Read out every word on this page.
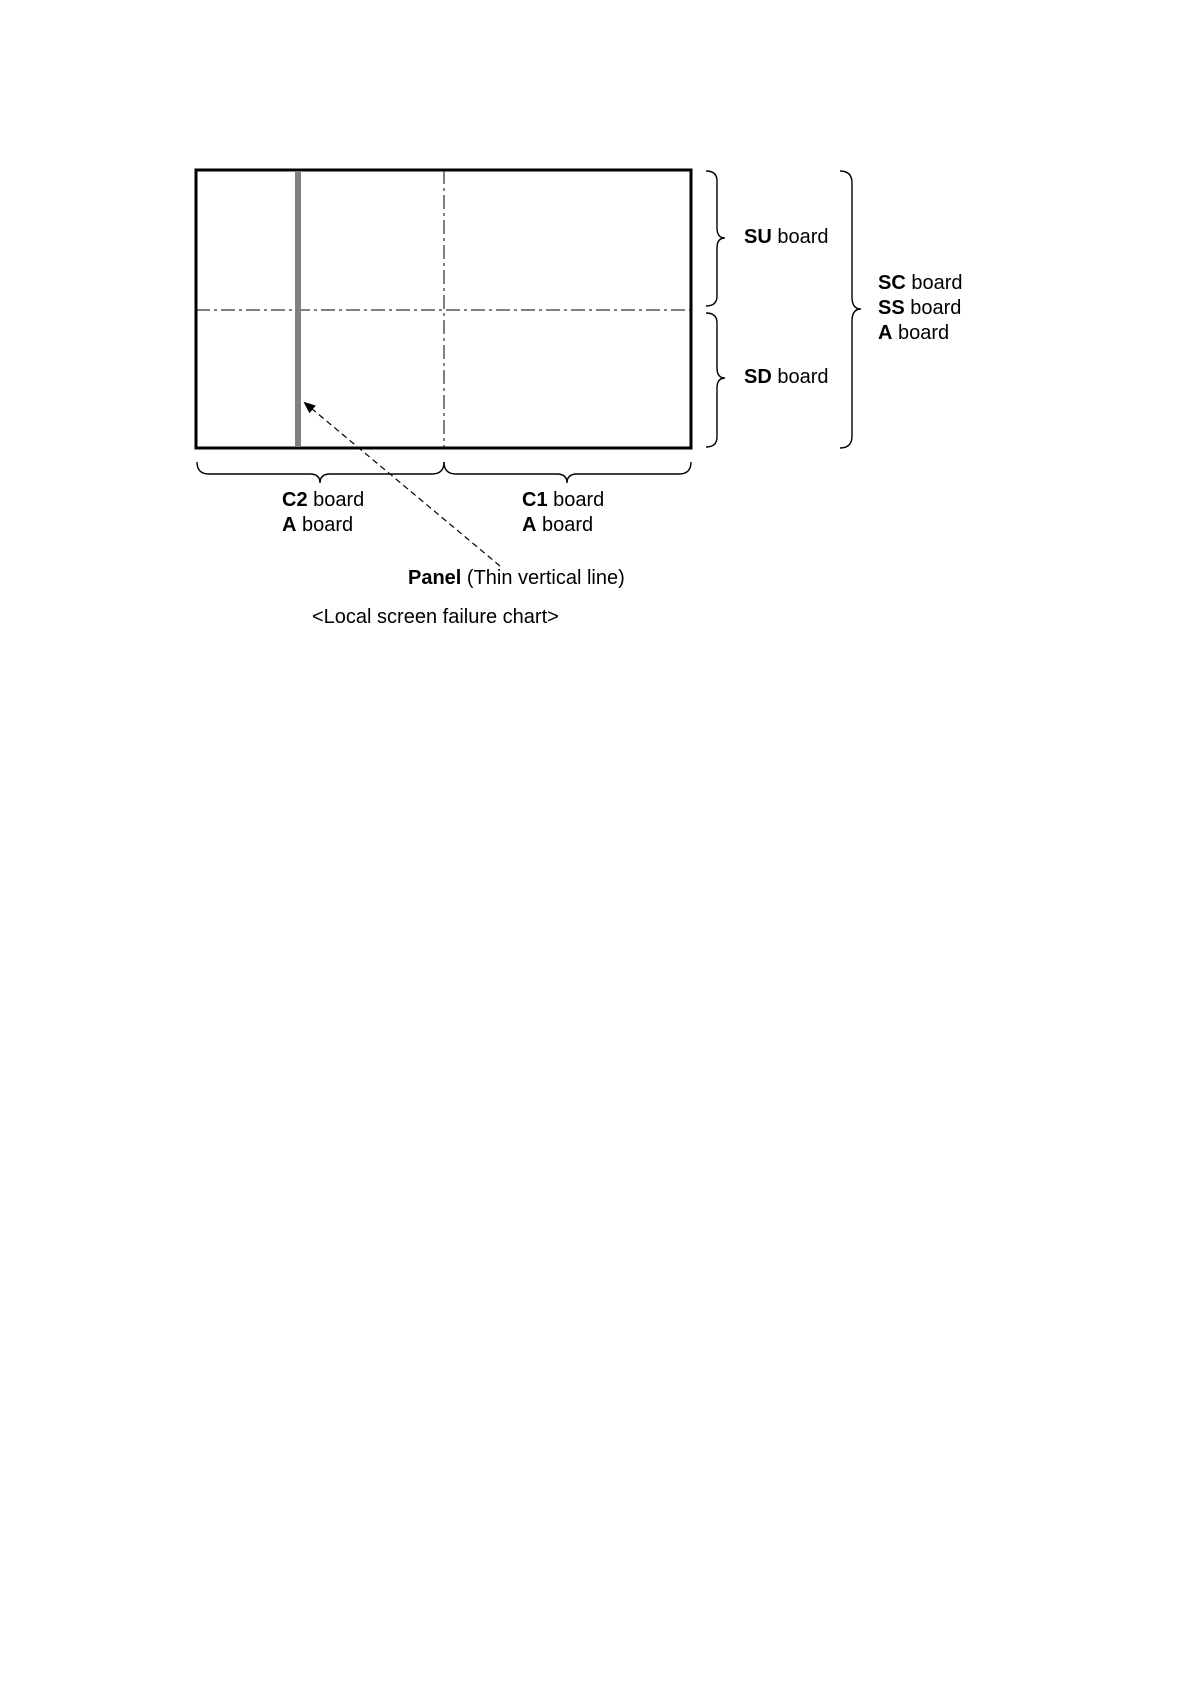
SU board
SD board
SC board
SS board
A board
C2 board
A board
C1 board
A board
Panel (Thin vertical line)
<Local screen failure chart>
